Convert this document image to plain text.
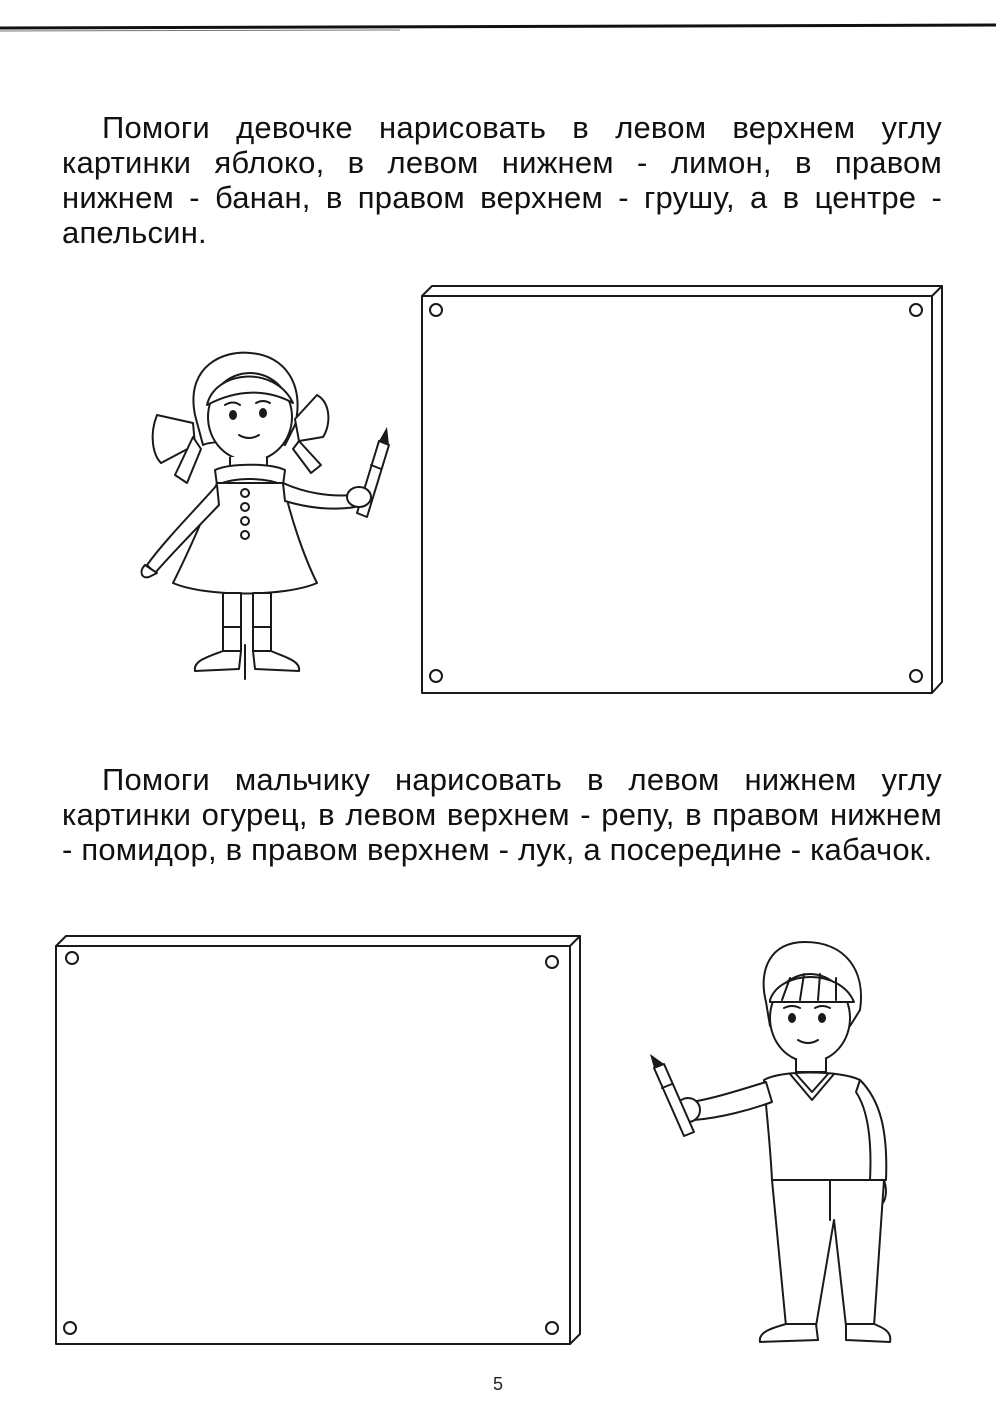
Помоги девочке нарисовать в левом верхнем углу картинки яблоко, в левом нижнем - лимон, в правом нижнем - банан, в правом верхнем - грушу, а в центре - апельсин.

Помоги мальчику нарисовать в левом нижнем углу картинки огурец, в левом верхнем - репу, в правом нижнем - помидор, в правом верхнем - лук, а посередине - кабачок.

5
